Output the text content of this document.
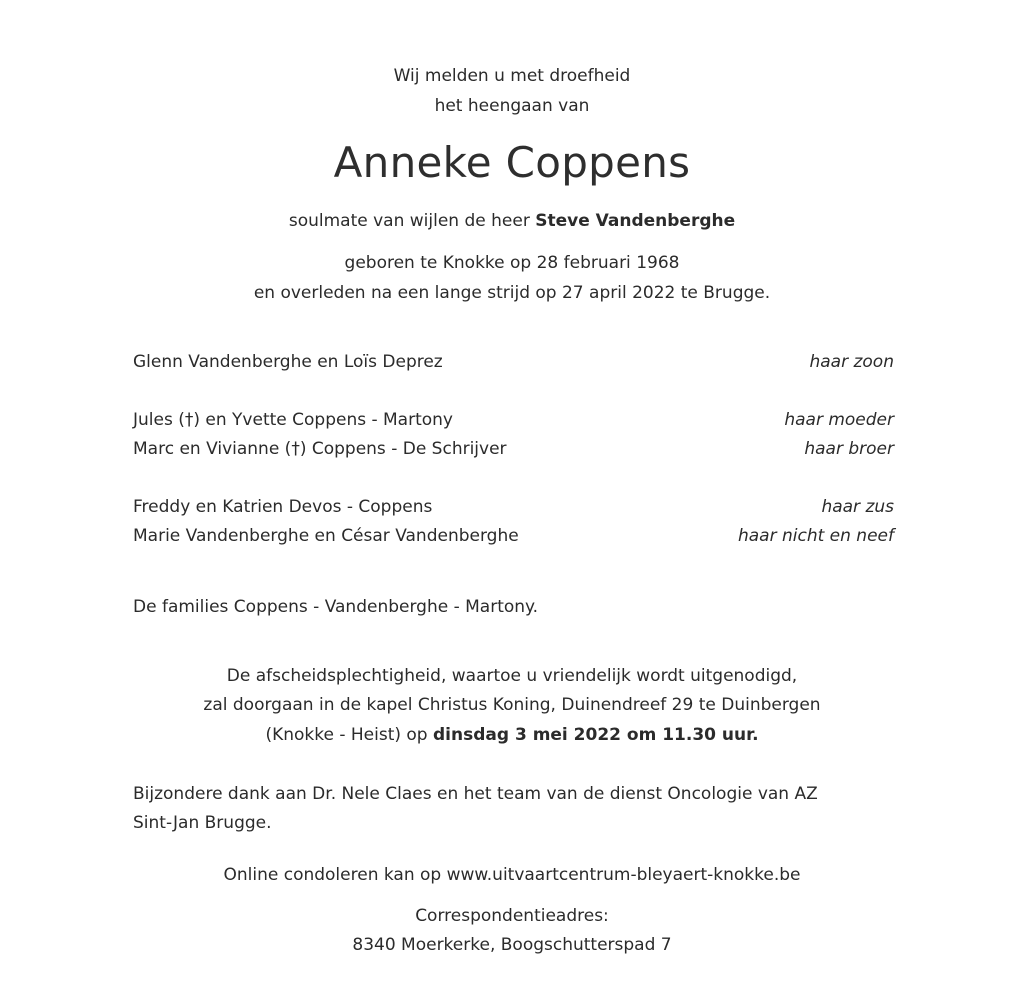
Wij melden u met droefheid
het heengaan van
Anneke Coppens
soulmate van wijlen de heer Steve Vandenberghe
geboren te Knokke op 28 februari 1968
en overleden na een lange strijd op 27 april 2022 te Brugge.
Glenn Vandenberghe en Loïs Deprez	haar zoon
Jules (†) en Yvette Coppens - Martony	haar moeder
Marc en Vivianne (†) Coppens - De Schrijver	haar broer
Freddy en Katrien Devos - Coppens	haar zus
Marie Vandenberghe en César Vandenberghe	haar nicht en neef
De families Coppens - Vandenberghe - Martony.
De afscheidsplechtigheid, waartoe u vriendelijk wordt uitgenodigd,
zal doorgaan in de kapel Christus Koning, Duinendreef 29 te Duinbergen
(Knokke - Heist) op dinsdag 3 mei 2022 om 11.30 uur.
Bijzondere dank aan Dr. Nele Claes en het team van de dienst Oncologie van AZ
Sint-Jan Brugge.
Online condoleren kan op www.uitvaartcentrum-bleyaert-knokke.be
Correspondentieadres:
8340 Moerkerke, Boogschutterspad 7
